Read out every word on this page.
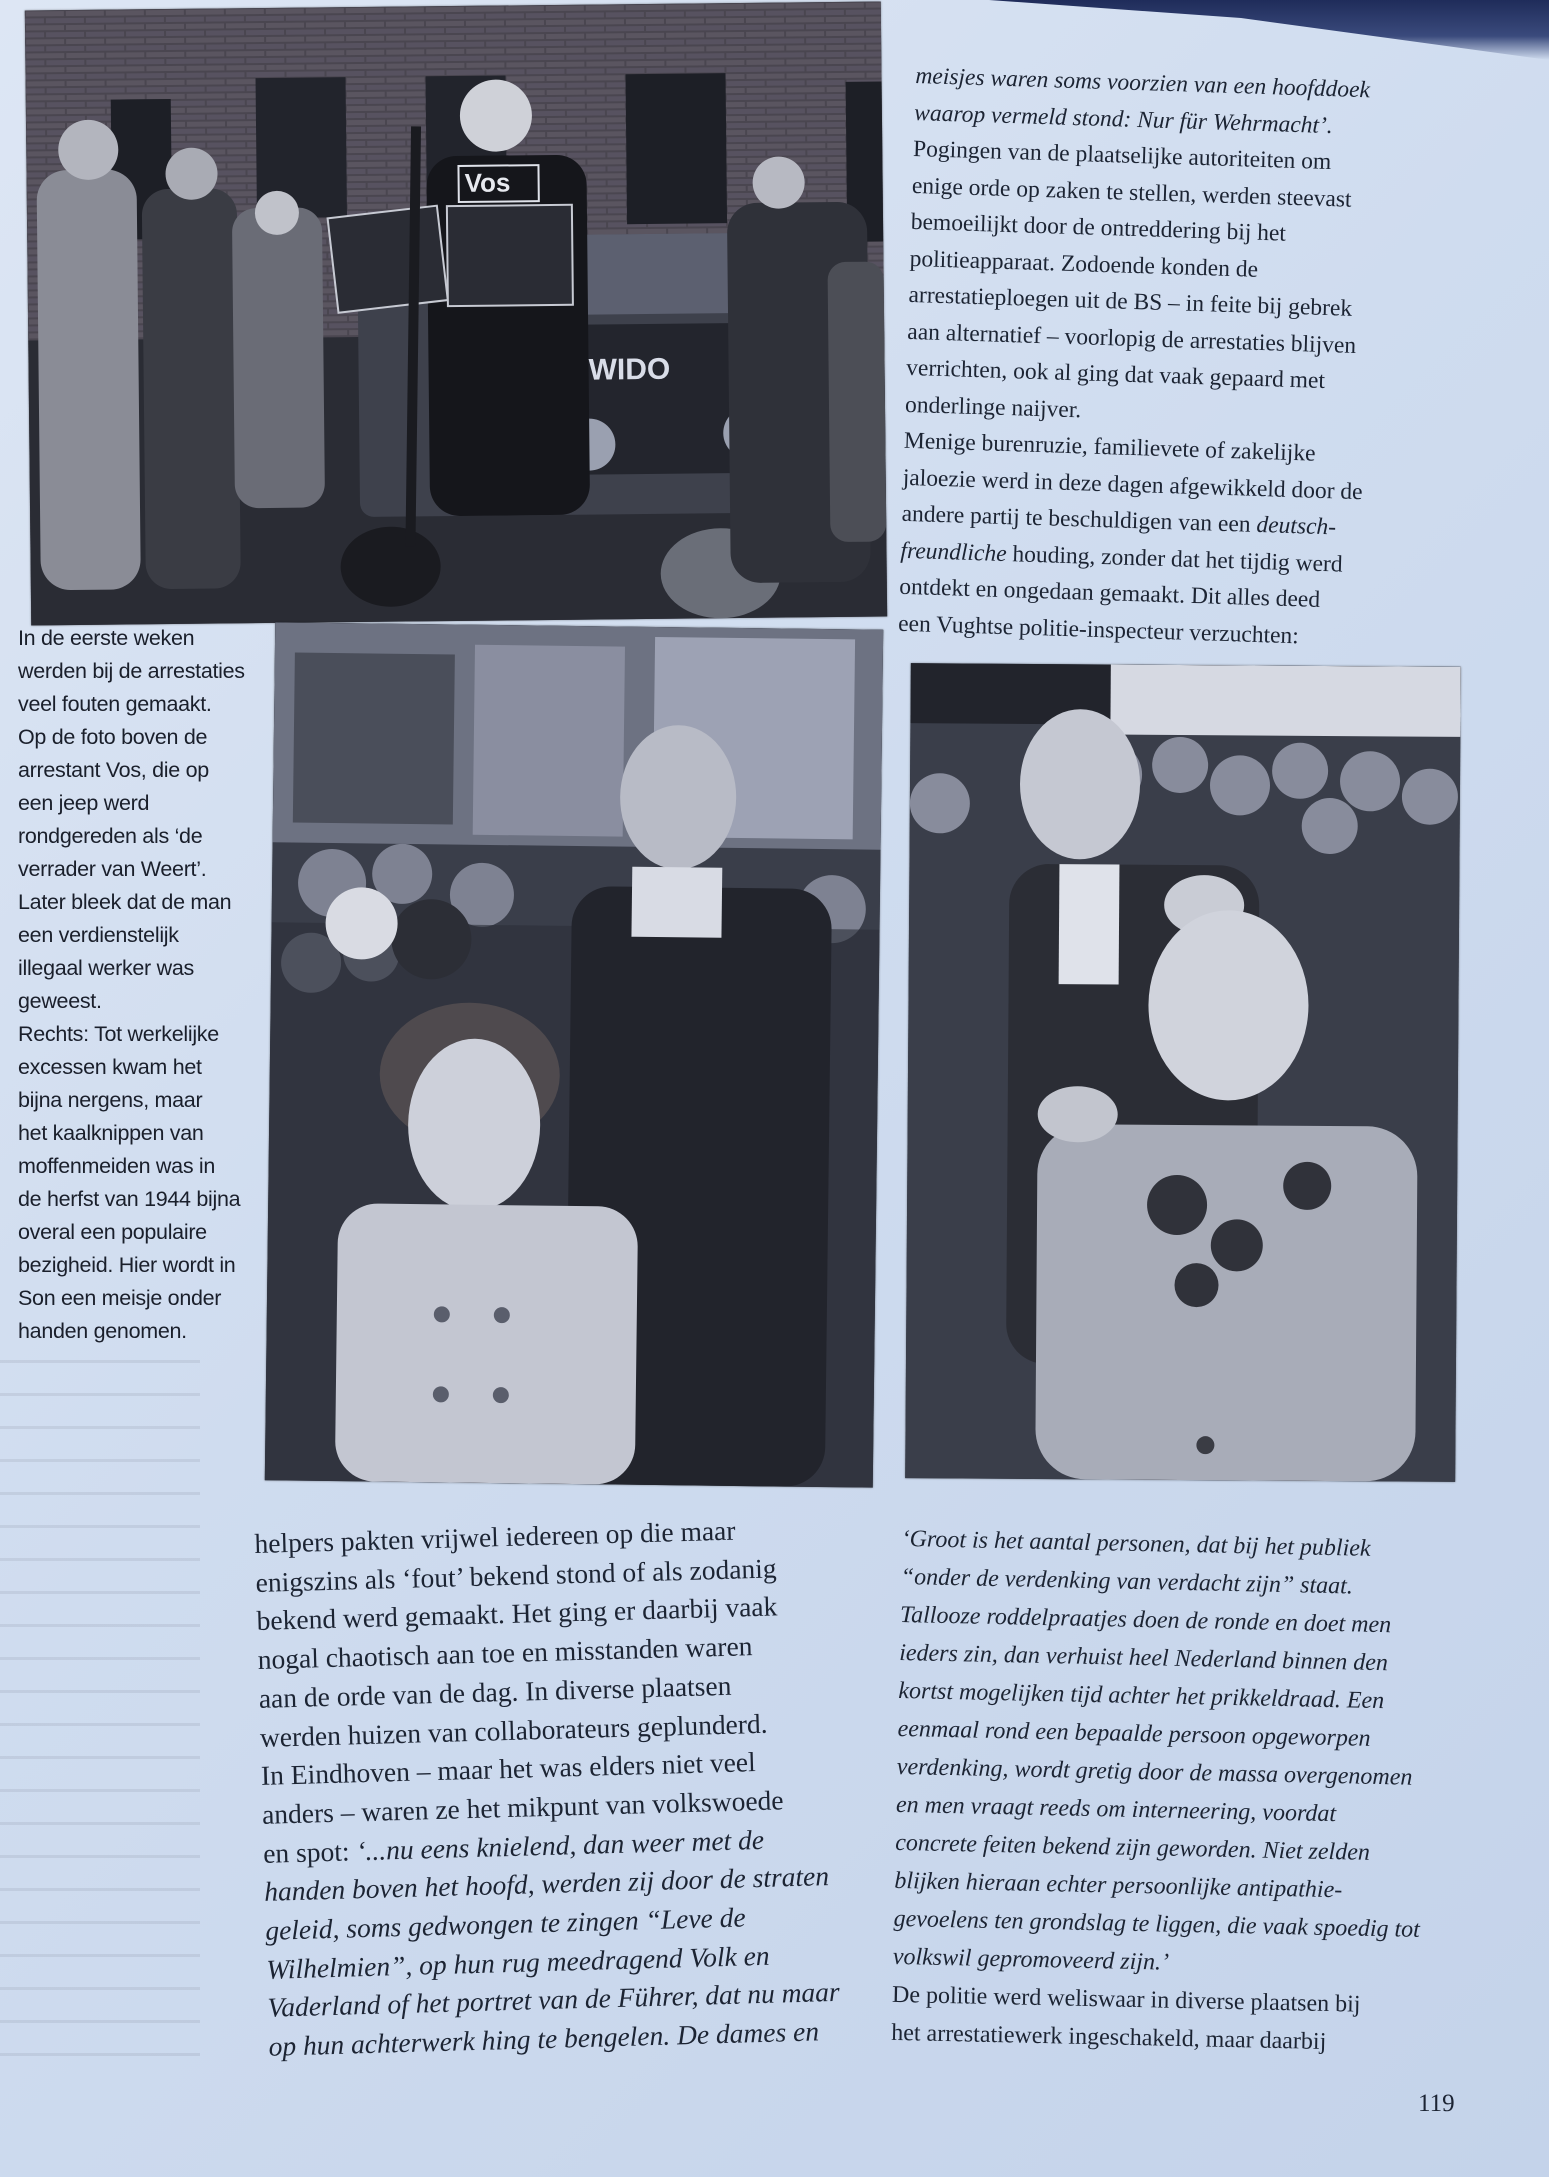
WIDO
Vos
In de eerste weken
werden bij de arrestaties
veel fouten gemaakt.
Op de foto boven de
arrestant Vos, die op
een jeep werd
rondgereden als ‘de
verrader van Weert’.
Later bleek dat de man
een verdienstelijk
illegaal werker was
geweest.
Rechts: Tot werkelijke
excessen kwam het
bijna nergens, maar
het kaalknippen van
moffenmeiden was in
de herfst van 1944 bijna
overal een populaire
bezigheid. Hier wordt in
Son een meisje onder
handen genomen.
meisjes waren soms voorzien van een hoofddoek
waarop vermeld stond: Nur für Wehrmacht’.
Pogingen van de plaatselijke autoriteiten om
enige orde op zaken te stellen, werden steevast
bemoeilijkt door de ontreddering bij het
politieapparaat. Zodoende konden de
arrestatieploegen uit de BS – in feite bij gebrek
aan alternatief – voorlopig de arrestaties blijven
verrichten, ook al ging dat vaak gepaard met
onderlinge naijver.
Menige burenruzie, familievete of zakelijke
jaloezie werd in deze dagen afgewikkeld door de
andere partij te beschuldigen van een deutsch-
freundliche houding, zonder dat het tijdig werd
ontdekt en ongedaan gemaakt. Dit alles deed
een Vughtse politie-inspecteur verzuchten:
helpers pakten vrijwel iedereen op die maar
enigszins als ‘fout’ bekend stond of als zodanig
bekend werd gemaakt. Het ging er daarbij vaak
nogal chaotisch aan toe en misstanden waren
aan de orde van de dag. In diverse plaatsen
werden huizen van collaborateurs geplunderd.
In Eindhoven – maar het was elders niet veel
anders – waren ze het mikpunt van volkswoede
en spot: ‘...nu eens knielend, dan weer met de
handen boven het hoofd, werden zij door de straten
geleid, soms gedwongen te zingen “Leve de
Wilhelmien”, op hun rug meedragend Volk en
Vaderland of het portret van de Führer, dat nu maar
op hun achterwerk hing te bengelen. De dames en
‘Groot is het aantal personen, dat bij het publiek
“onder de verdenking van verdacht zijn” staat.
Tallooze roddelpraatjes doen de ronde en doet men
ieders zin, dan verhuist heel Nederland binnen den
kortst mogelijken tijd achter het prikkeldraad. Een
eenmaal rond een bepaalde persoon opgeworpen
verdenking, wordt gretig door de massa overgenomen
en men vraagt reeds om interneering, voordat
concrete feiten bekend zijn geworden. Niet zelden
blijken hieraan echter persoonlijke antipathie-
gevoelens ten grondslag te liggen, die vaak spoedig tot
volkswil gepromoveerd zijn.’
De politie werd weliswaar in diverse plaatsen bij
het arrestatiewerk ingeschakeld, maar daarbij
119
